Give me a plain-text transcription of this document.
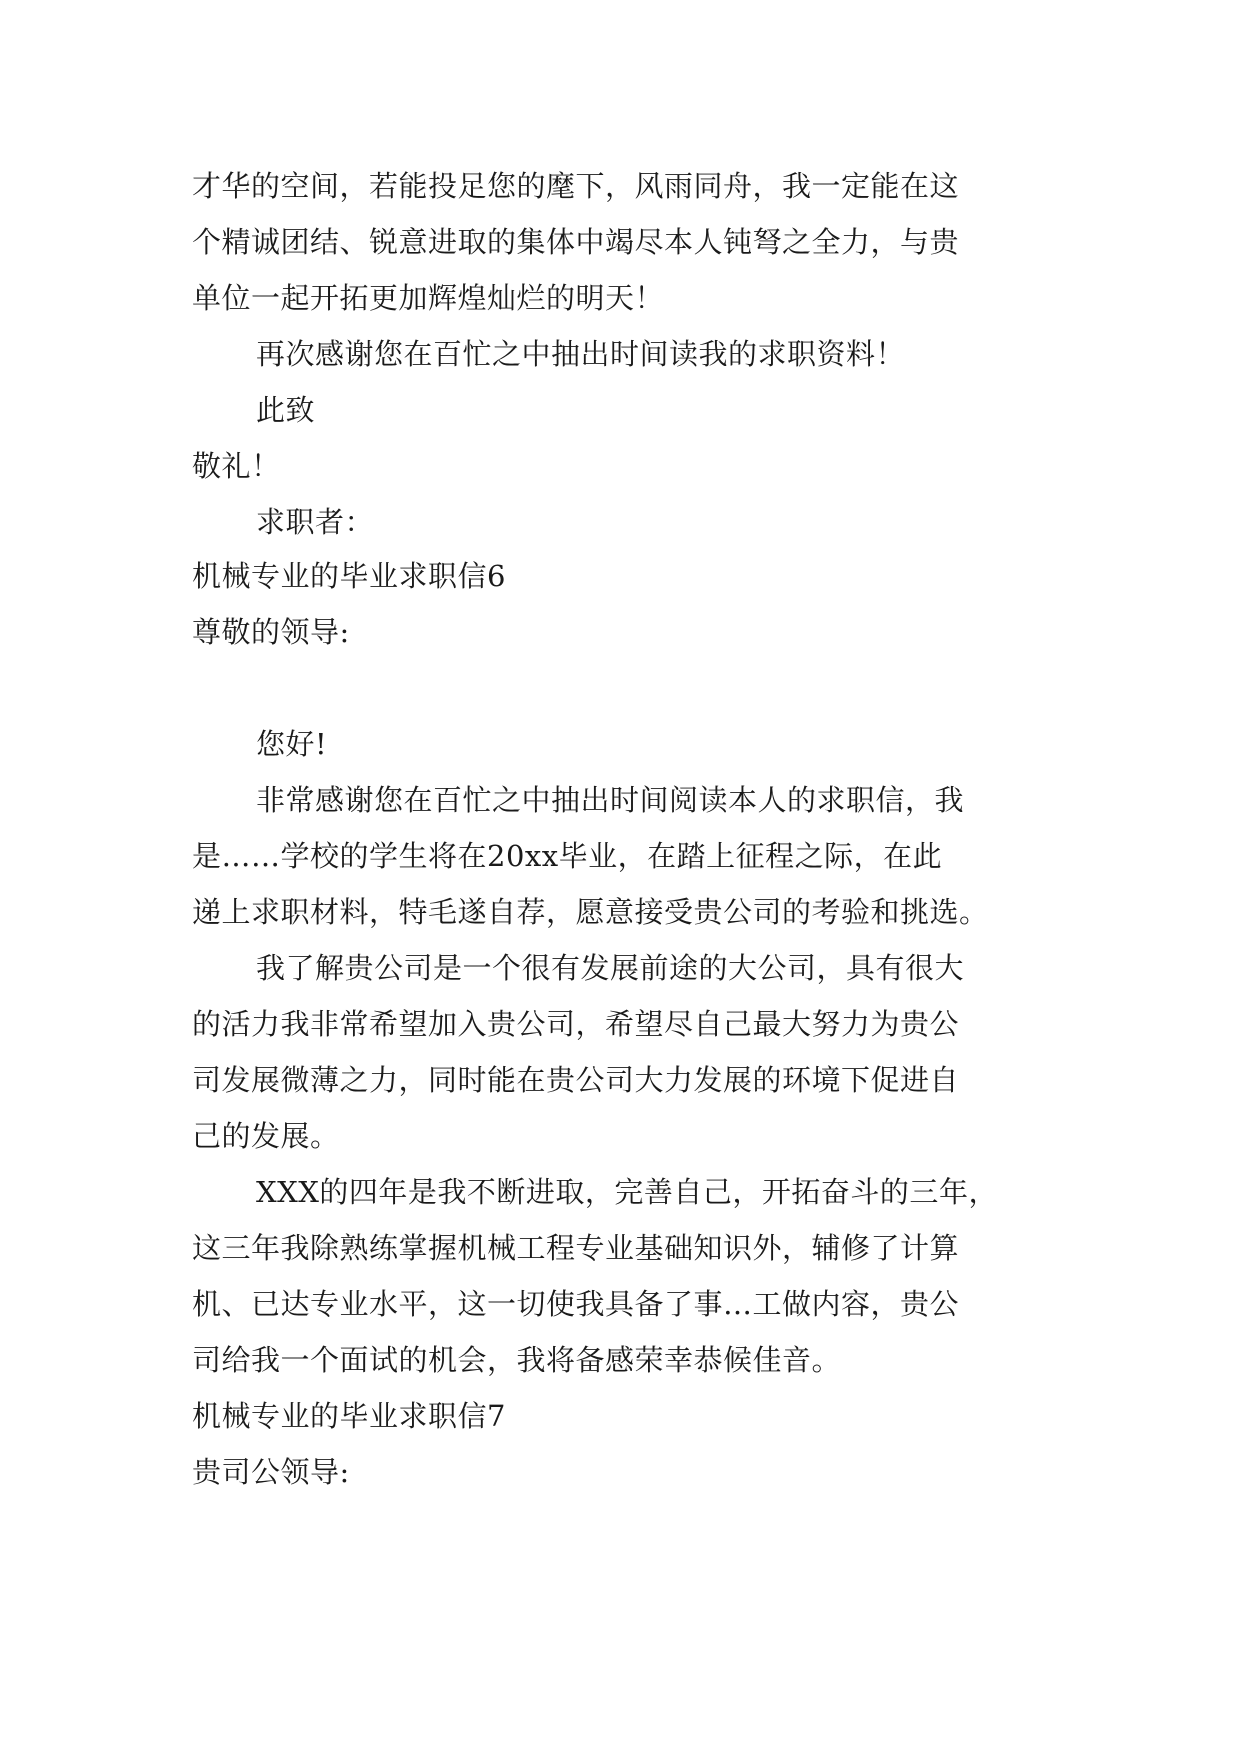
才华的空间，若能投足您的麾下，风雨同舟，我一定能在这
个精诚团结、锐意进取的集体中竭尽本人钝弩之全力，与贵
单位一起开拓更加辉煌灿烂的明天！
再次感谢您在百忙之中抽出时间读我的求职资料！
此致
敬礼！
求职者：
机械专业的毕业求职信6
尊敬的领导:
您好!
非常感谢您在百忙之中抽出时间阅读本人的求职信，我
是……学校的学生将在20xx毕业，在踏上征程之际，在此
递上求职材料，特毛遂自荐，愿意接受贵公司的考验和挑选。
我了解贵公司是一个很有发展前途的大公司，具有很大
的活力我非常希望加入贵公司，希望尽自己最大努力为贵公
司发展微薄之力，同时能在贵公司大力发展的环境下促进自
己的发展。
XXX的四年是我不断进取，完善自己，开拓奋斗的三年，
这三年我除熟练掌握机械工程专业基础知识外，辅修了计算
机、已达专业水平，这一切使我具备了事…工做内容，贵公
司给我一个面试的机会，我将备感荣幸恭候佳音。
机械专业的毕业求职信7
贵司公领导:
